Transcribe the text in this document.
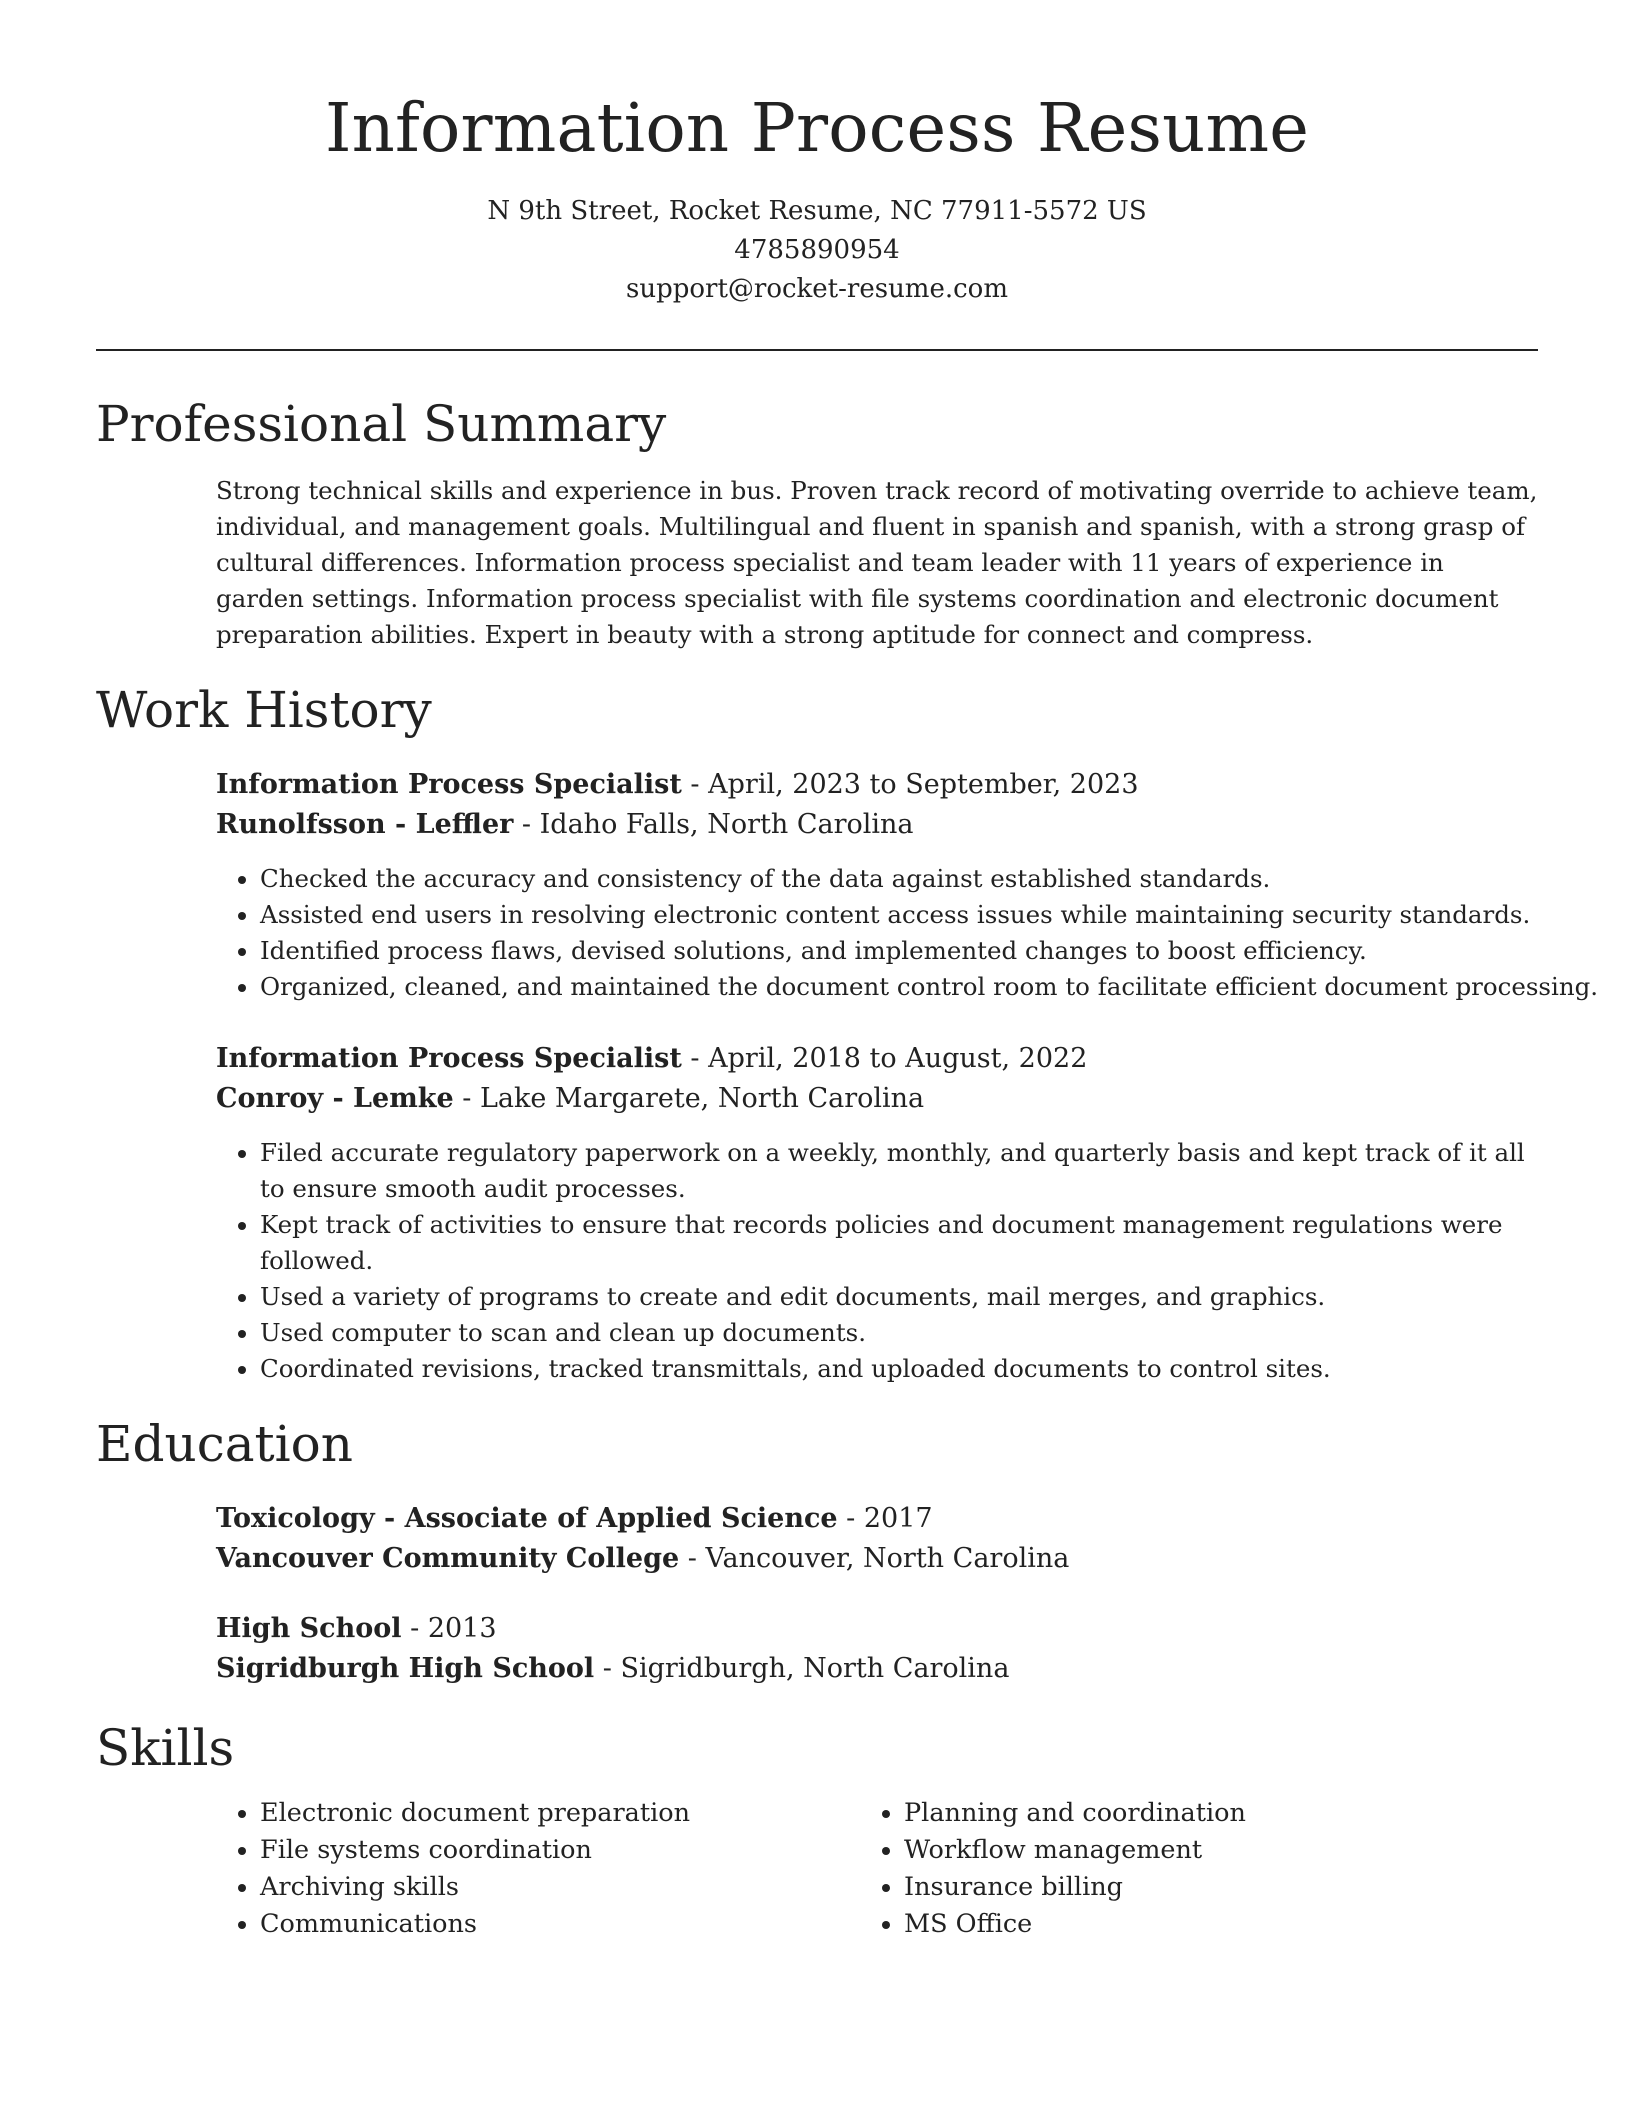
Information Process Resume
N 9th Street, Rocket Resume, NC 77911-5572 US
4785890954
support@rocket-resume.com
Professional Summary
Strong technical skills and experience in bus. Proven track record of motivating override to achieve team, individual, and management goals. Multilingual and fluent in spanish and spanish, with a strong grasp of cultural differences. Information process specialist and team leader with 11 years of experience in garden settings. Information process specialist with file systems coordination and electronic document preparation abilities. Expert in beauty with a strong aptitude for connect and compress.
Work History
Information Process Specialist - April, 2023 to September, 2023
Runolfsson - Leffler - Idaho Falls, North Carolina
• Checked the accuracy and consistency of the data against established standards.
• Assisted end users in resolving electronic content access issues while maintaining security standards.
• Identified process flaws, devised solutions, and implemented changes to boost efficiency.
• Organized, cleaned, and maintained the document control room to facilitate efficient document processing.
Information Process Specialist - April, 2018 to August, 2022
Conroy - Lemke - Lake Margarete, North Carolina
• Filed accurate regulatory paperwork on a weekly, monthly, and quarterly basis and kept track of it all to ensure smooth audit processes.
• Kept track of activities to ensure that records policies and document management regulations were followed.
• Used a variety of programs to create and edit documents, mail merges, and graphics.
• Used computer to scan and clean up documents.
• Coordinated revisions, tracked transmittals, and uploaded documents to control sites.
Education
Toxicology - Associate of Applied Science - 2017
Vancouver Community College - Vancouver, North Carolina
High School - 2013
Sigridburgh High School - Sigridburgh, North Carolina
Skills
• Electronic document preparation
• File systems coordination
• Archiving skills
• Communications
• Planning and coordination
• Workflow management
• Insurance billing
• MS Office
